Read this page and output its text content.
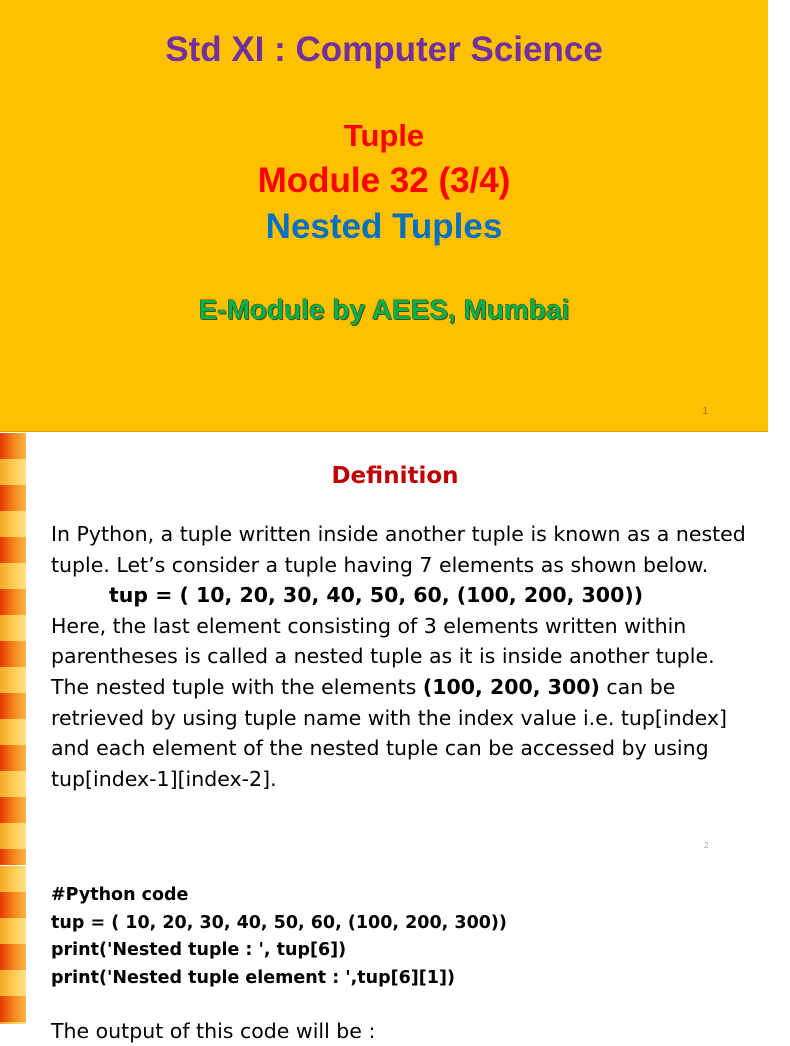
Std XI : Computer Science
Tuple
Module 32 (3/4)
Nested Tuples
E-Module by AEES, Mumbai
1
Definition

In Python, a tuple written inside another tuple is known as a nested tuple. Let’s consider a tuple having 7 elements as shown below.

tup = ( 10, 20, 30, 40, 50, 60, (100, 200, 300))

Here, the last element consisting of 3 elements written within parentheses is called a nested tuple as it is inside another tuple. The nested tuple with the elements (100, 200, 300) can be retrieved by using tuple name with the index value i.e. tup[index] and each element of the nested tuple can be accessed by using tup[index-1][index-2].

2
#Python code
tup = ( 10, 20, 30, 40, 50, 60, (100, 200, 300))
print('Nested tuple : ', tup[6])
print('Nested tuple element : ',tup[6][1])
The output of this code will be :
